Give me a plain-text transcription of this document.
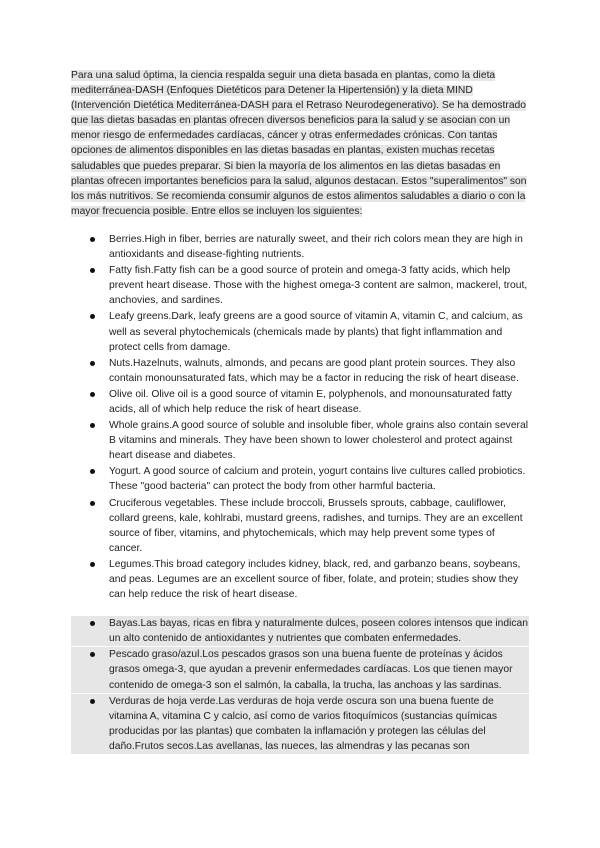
Para una salud óptima, la ciencia respalda seguir una dieta basada en plantas, como la dieta mediterránea-DASH (Enfoques Dietéticos para Detener la Hipertensión) y la dieta MIND (Intervención Dietética Mediterránea-DASH para el Retraso Neurodegenerativo). Se ha demostrado que las dietas basadas en plantas ofrecen diversos beneficios para la salud y se asocian con un menor riesgo de enfermedades cardíacas, cáncer y otras enfermedades crónicas. Con tantas opciones de alimentos disponibles en las dietas basadas en plantas, existen muchas recetas saludables que puedes preparar. Si bien la mayoría de los alimentos en las dietas basadas en plantas ofrecen importantes beneficios para la salud, algunos destacan. Estos "superalimentos" son los más nutritivos. Se recomienda consumir algunos de estos alimentos saludables a diario o con la mayor frecuencia posible. Entre ellos se incluyen los siguientes:

Berries.High in fiber, berries are naturally sweet, and their rich colors mean they are high in antioxidants and disease-fighting nutrients.
Fatty fish.Fatty fish can be a good source of protein and omega-3 fatty acids, which help prevent heart disease. Those with the highest omega-3 content are salmon, mackerel, trout, anchovies, and sardines.
Leafy greens.Dark, leafy greens are a good source of vitamin A, vitamin C, and calcium, as well as several phytochemicals (chemicals made by plants) that fight inflammation and protect cells from damage.
Nuts.Hazelnuts, walnuts, almonds, and pecans are good plant protein sources. They also contain monounsaturated fats, which may be a factor in reducing the risk of heart disease.
Olive oil. Olive oil is a good source of vitamin E, polyphenols, and monounsaturated fatty acids, all of which help reduce the risk of heart disease.
Whole grains.A good source of soluble and insoluble fiber, whole grains also contain several B vitamins and minerals. They have been shown to lower cholesterol and protect against heart disease and diabetes.
Yogurt. A good source of calcium and protein, yogurt contains live cultures called probiotics. These "good bacteria" can protect the body from other harmful bacteria.
Cruciferous vegetables. These include broccoli, Brussels sprouts, cabbage, cauliflower, collard greens, kale, kohlrabi, mustard greens, radishes, and turnips. They are an excellent source of fiber, vitamins, and phytochemicals, which may help prevent some types of cancer.
Legumes.This broad category includes kidney, black, red, and garbanzo beans, soybeans, and peas. Legumes are an excellent source of fiber, folate, and protein; studies show they can help reduce the risk of heart disease.
Bayas.Las bayas, ricas en fibra y naturalmente dulces, poseen colores intensos que indican un alto contenido de antioxidantes y nutrientes que combaten enfermedades.
Pescado graso/azul.Los pescados grasos son una buena fuente de proteínas y ácidos grasos omega-3, que ayudan a prevenir enfermedades cardíacas. Los que tienen mayor contenido de omega-3 son el salmón, la caballa, la trucha, las anchoas y las sardinas.
Verduras de hoja verde.Las verduras de hoja verde oscura son una buena fuente de vitamina A, vitamina C y calcio, así como de varios fitoquímicos (sustancias químicas producidas por las plantas) que combaten la inflamación y protegen las células del daño.Frutos secos.Las avellanas, las nueces, las almendras y las pecanas son
